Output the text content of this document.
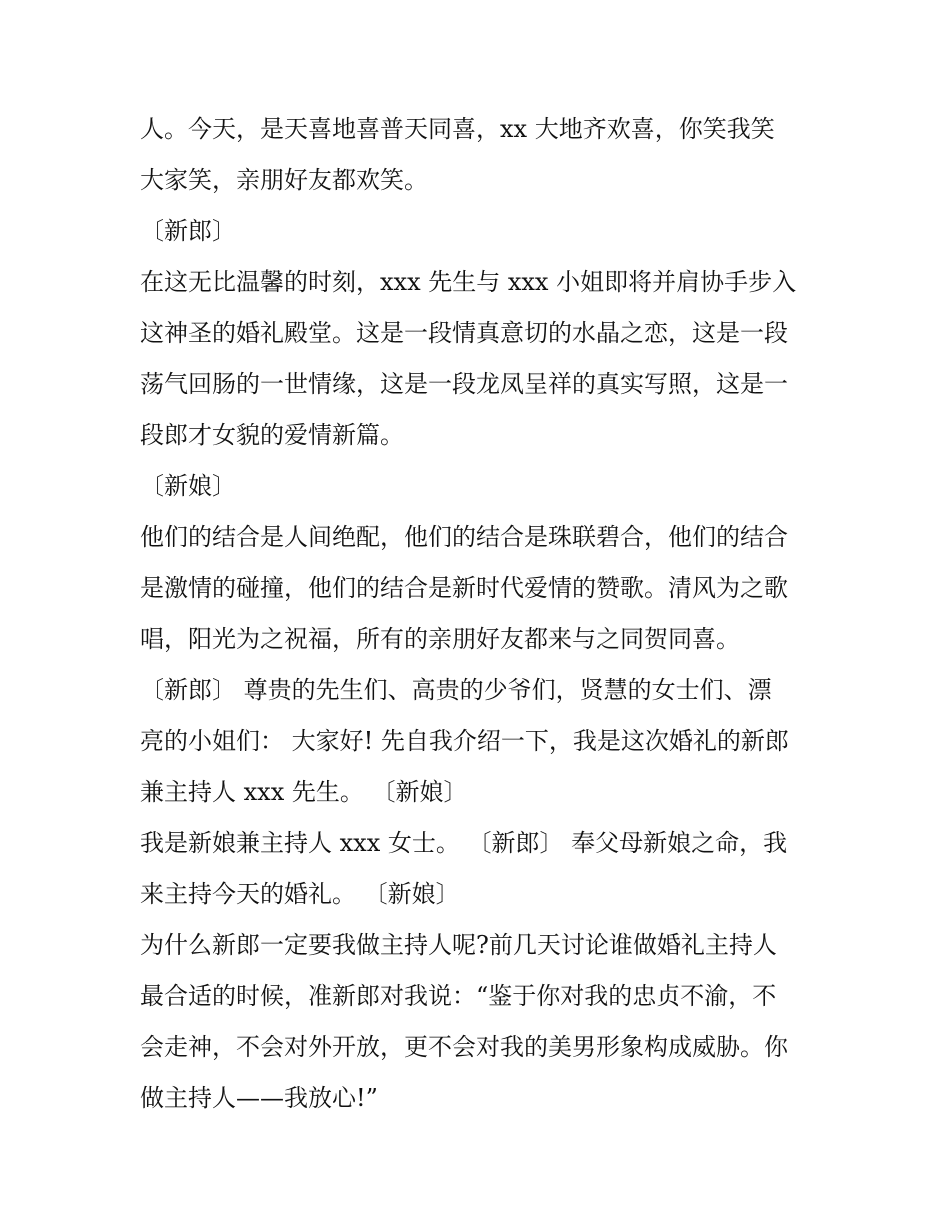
人。今天，是天喜地喜普天同喜，xx 大地齐欢喜，你笑我笑
大家笑，亲朋好友都欢笑。
〔新郎〕
在这无比温馨的时刻，xxx 先生与 xxx 小姐即将并肩协手步入
这神圣的婚礼殿堂。这是一段情真意切的水晶之恋，这是一段
荡气回肠的一世情缘，这是一段龙凤呈祥的真实写照，这是一
段郎才女貌的爱情新篇。
〔新娘〕
他们的结合是人间绝配，他们的结合是珠联碧合，他们的结合
是激情的碰撞，他们的结合是新时代爱情的赞歌。清风为之歌
唱，阳光为之祝福，所有的亲朋好友都来与之同贺同喜。
〔新郎〕 尊贵的先生们、高贵的少爷们，贤慧的女士们、漂
亮的小姐们： 大家好! 先自我介绍一下，我是这次婚礼的新郎
兼主持人 xxx 先生。 〔新娘〕
我是新娘兼主持人 xxx 女士。 〔新郎〕 奉父母新娘之命，我
来主持今天的婚礼。 〔新娘〕
为什么新郎一定要我做主持人呢?前几天讨论谁做婚礼主持人
最合适的时候，准新郎对我说：“鉴于你对我的忠贞不渝，不
会走神，不会对外开放，更不会对我的美男形象构成威胁。你
做主持人——我放心!”
